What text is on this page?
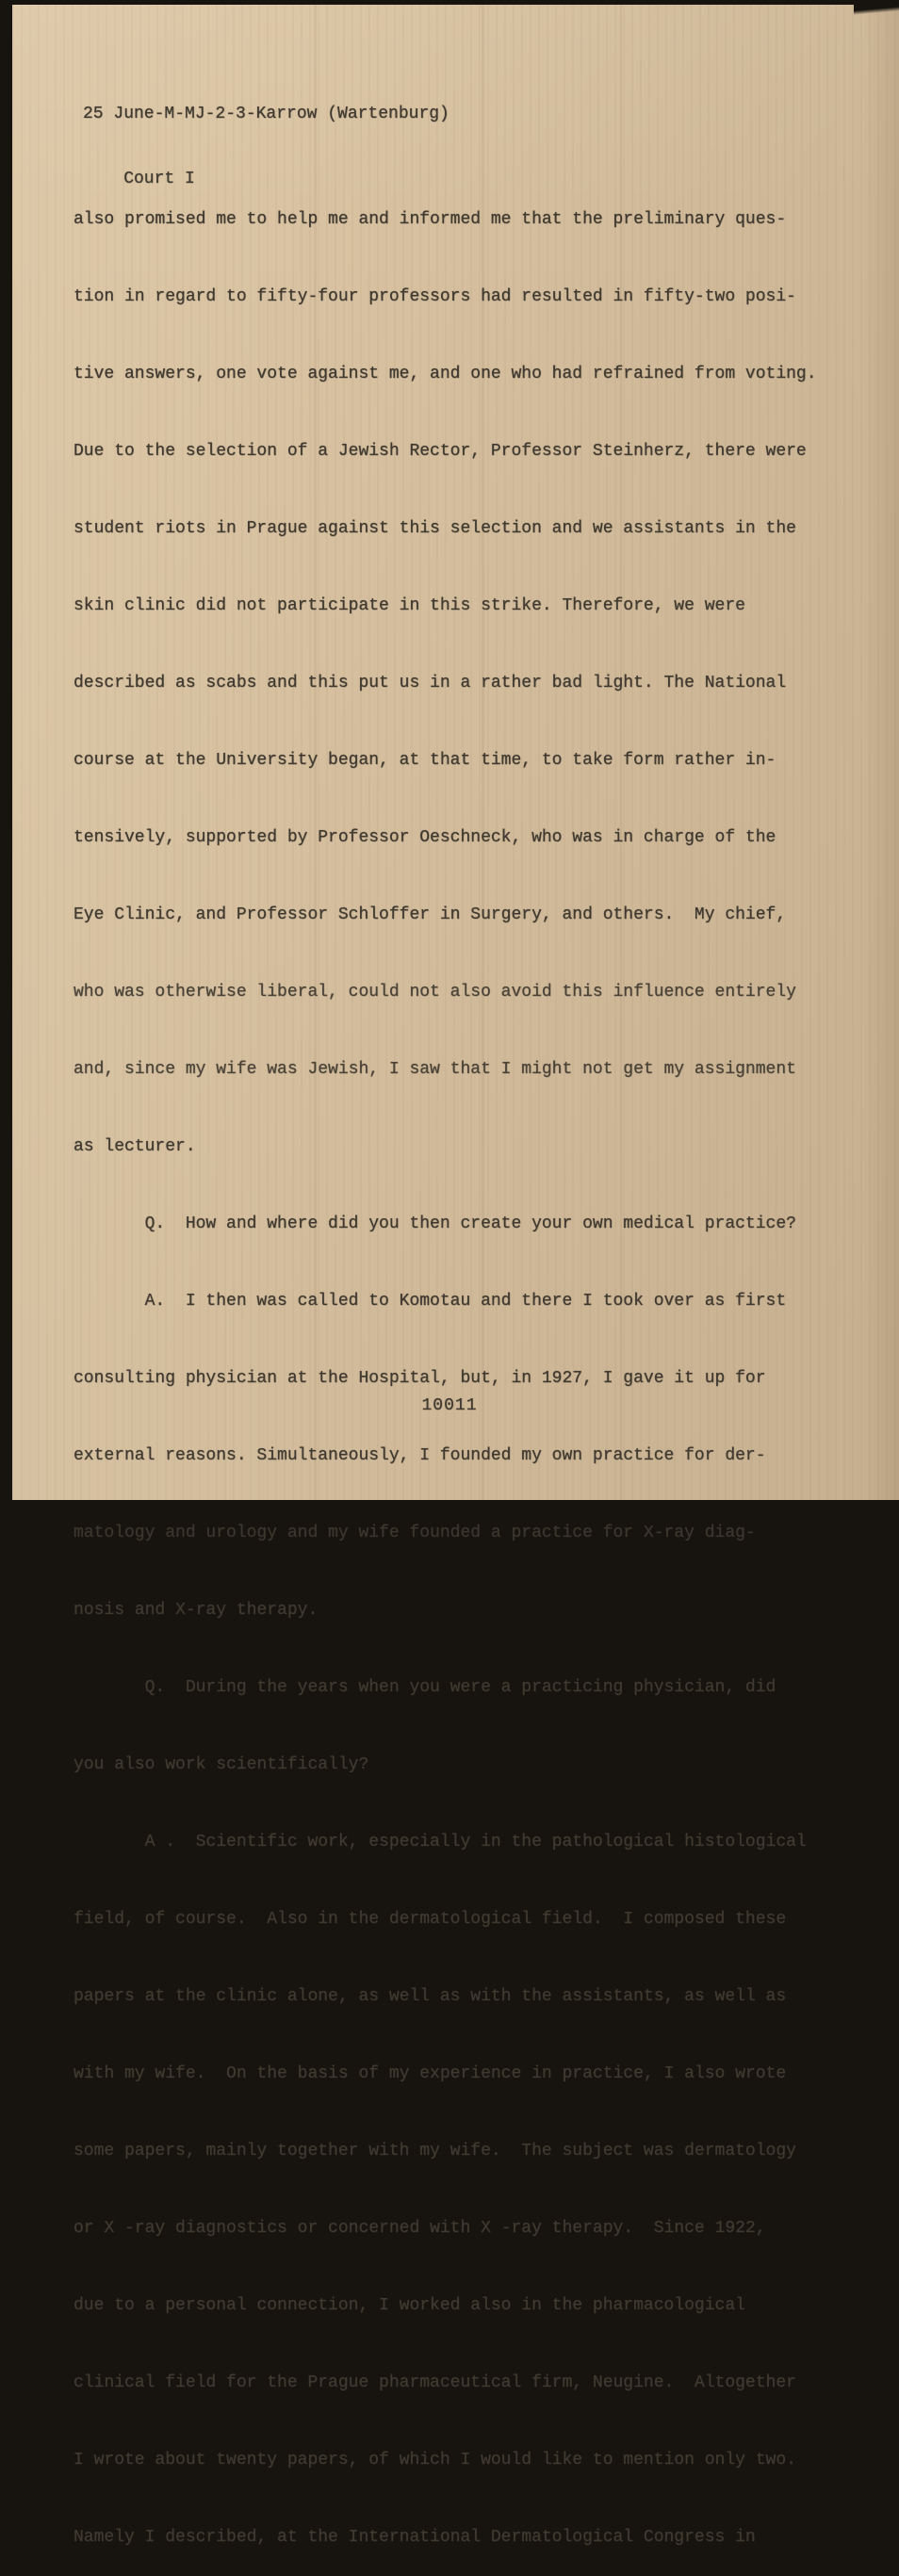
25 June-M-MJ-2-3-Karrow (Wartenburg)

Court I

also promised me to help me and informed me that the preliminary ques-

tion in regard to fifty-four professors had resulted in fifty-two posi-

tive answers, one vote against me, and one who had refrained from voting.

Due to the selection of a Jewish Rector, Professor Steinherz, there were

student riots in Prague against this selection and we assistants in the

skin clinic did not participate in this strike. Therefore, we were

described as scabs and this put us in a rather bad light. The National

course at the University began, at that time, to take form rather in-

tensively, supported by Professor Oeschneck, who was in charge of the

Eye Clinic, and Professor Schloffer in Surgery, and others.  My chief,

who was otherwise liberal, could not also avoid this influence entirely

and, since my wife was Jewish, I saw that I might not get my assignment

as lecturer.

Q.  How and where did you then create your own medical practice?

A.  I then was called to Komotau and there I took over as first

consulting physician at the Hospital, but, in 1927, I gave it up for

external reasons. Simultaneously, I founded my own practice for der-

matology and urology and my wife founded a practice for X-ray diag-

nosis and X-ray therapy.

Q.  During the years when you were a practicing physician, did

you also work scientifically?

A .  Scientific work, especially in the pathological histological

field, of course.  Also in the dermatological field.  I composed these

papers at the clinic alone, as well as with the assistants, as well as

with my wife.  On the basis of my experience in practice, I also wrote

some papers, mainly together with my wife.  The subject was dermatology

or X -ray diagnostics or concerned with X -ray therapy.  Since 1922,

due to a personal connection, I worked also in the pharmacological

clinical field for the Prague pharmaceutical firm, Neugine.  Altogether

I wrote about twenty papers, of which I would like to mention only two.

Namely I described, at the International Dermatological Congress in

10011
